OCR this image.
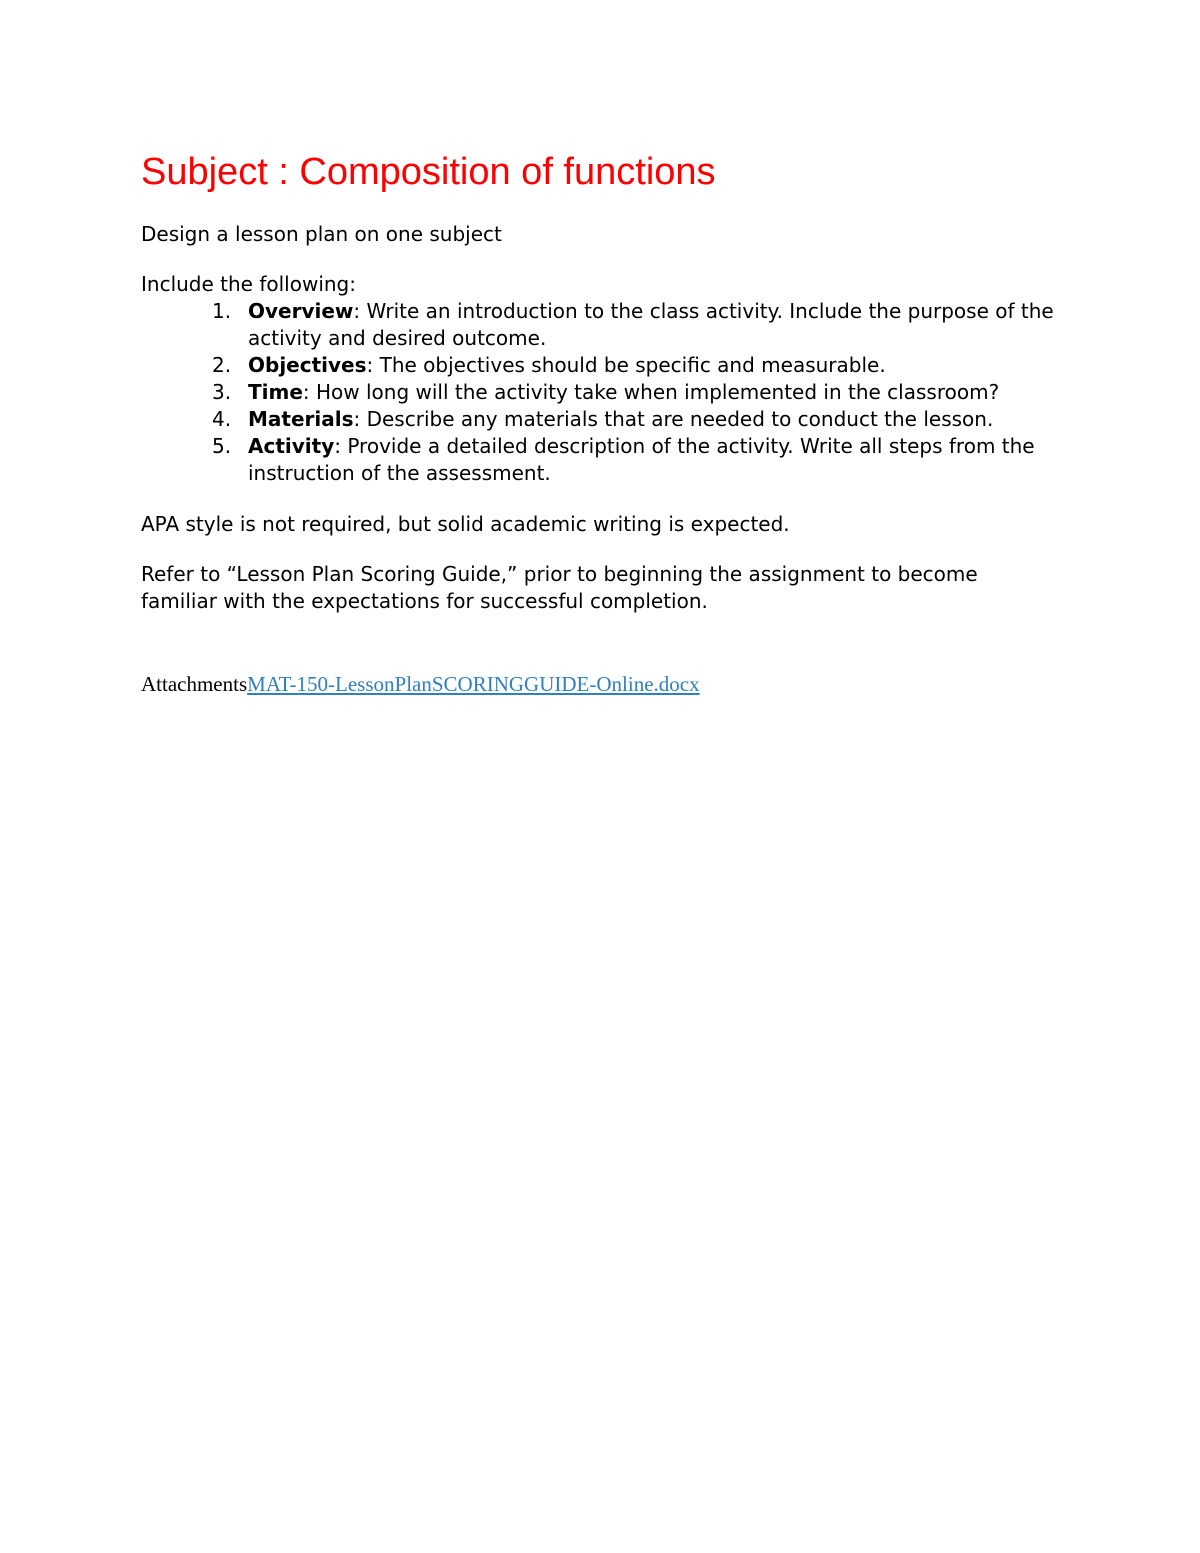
Subject : Composition of functions

Design a lesson plan on one subject

Include the following:

1. Overview: Write an introduction to the class activity. Include the purpose of the activity and desired outcome.
2. Objectives: The objectives should be specific and measurable.
3. Time: How long will the activity take when implemented in the classroom?
4. Materials: Describe any materials that are needed to conduct the lesson.
5. Activity: Provide a detailed description of the activity. Write all steps from the instruction of the assessment.

APA style is not required, but solid academic writing is expected.

Refer to “Lesson Plan Scoring Guide,” prior to beginning the assignment to become familiar with the expectations for successful completion.

AttachmentsMAT-150-LessonPlanSCORINGGUIDE-Online.docx
